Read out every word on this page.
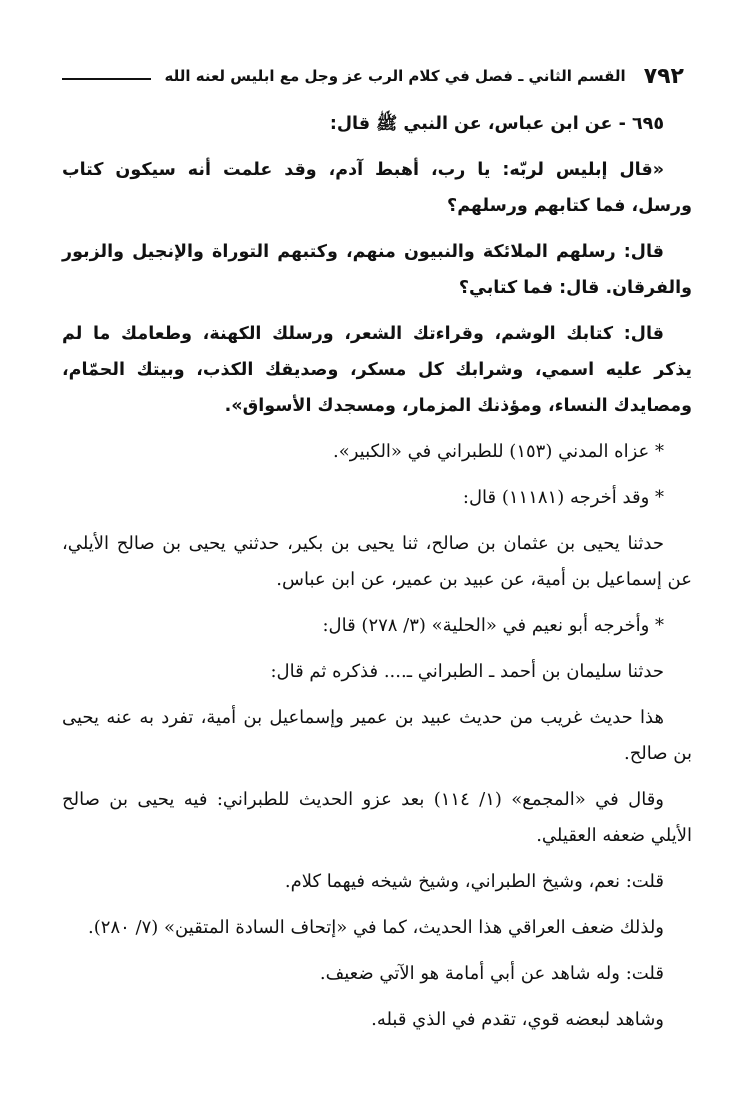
٧٩٢
القسم الثاني ـ فصل في كلام الرب عز وجل مع ابليس لعنه الله

٦٩٥ - عن ابن عباس، عن النبي ﷺ قال:

«قال إبليس لربّه: يا رب، أهبط آدم، وقد علمت أنه سيكون كتاب ورسل، فما كتابهم ورسلهم؟

قال: رسلهم الملائكة والنبيون منهم، وكتبهم التوراة والإنجيل والزبور والفرقان. قال: فما كتابي؟

قال: كتابك الوشم، وقراءتك الشعر، ورسلك الكهنة، وطعامك ما لم يذكر عليه اسمي، وشرابك كل مسكر، وصديقك الكذب، وبيتك الحمّام، ومصايدك النساء، ومؤذنك المزمار، ومسجدك الأسواق».

* عزاه المدني (١٥٣) للطبراني في «الكبير».

* وقد أخرجه (١١١٨١) قال:

حدثنا يحيى بن عثمان بن صالح، ثنا يحيى بن بكير، حدثني يحيى بن صالح الأيلي، عن إسماعيل بن أمية، عن عبيد بن عمير، عن ابن عباس.

* وأخرجه أبو نعيم في «الحلية» (٣/ ٢٧٨) قال:

حدثنا سليمان بن أحمد ـ الطبراني ـ.... فذكره ثم قال:

هذا حديث غريب من حديث عبيد بن عمير وإسماعيل بن أمية، تفرد به عنه يحيى بن صالح.

وقال في «المجمع» (١/ ١١٤) بعد عزو الحديث للطبراني: فيه يحيى بن صالح الأيلي ضعفه العقيلي.

قلت: نعم، وشيخ الطبراني، وشيخ شيخه فيهما كلام.

ولذلك ضعف العراقي هذا الحديث، كما في «إتحاف السادة المتقين» (٧/ ٢٨٠).

قلت: وله شاهد عن أبي أمامة هو الآتي ضعيف.

وشاهد لبعضه قوي، تقدم في الذي قبله.
